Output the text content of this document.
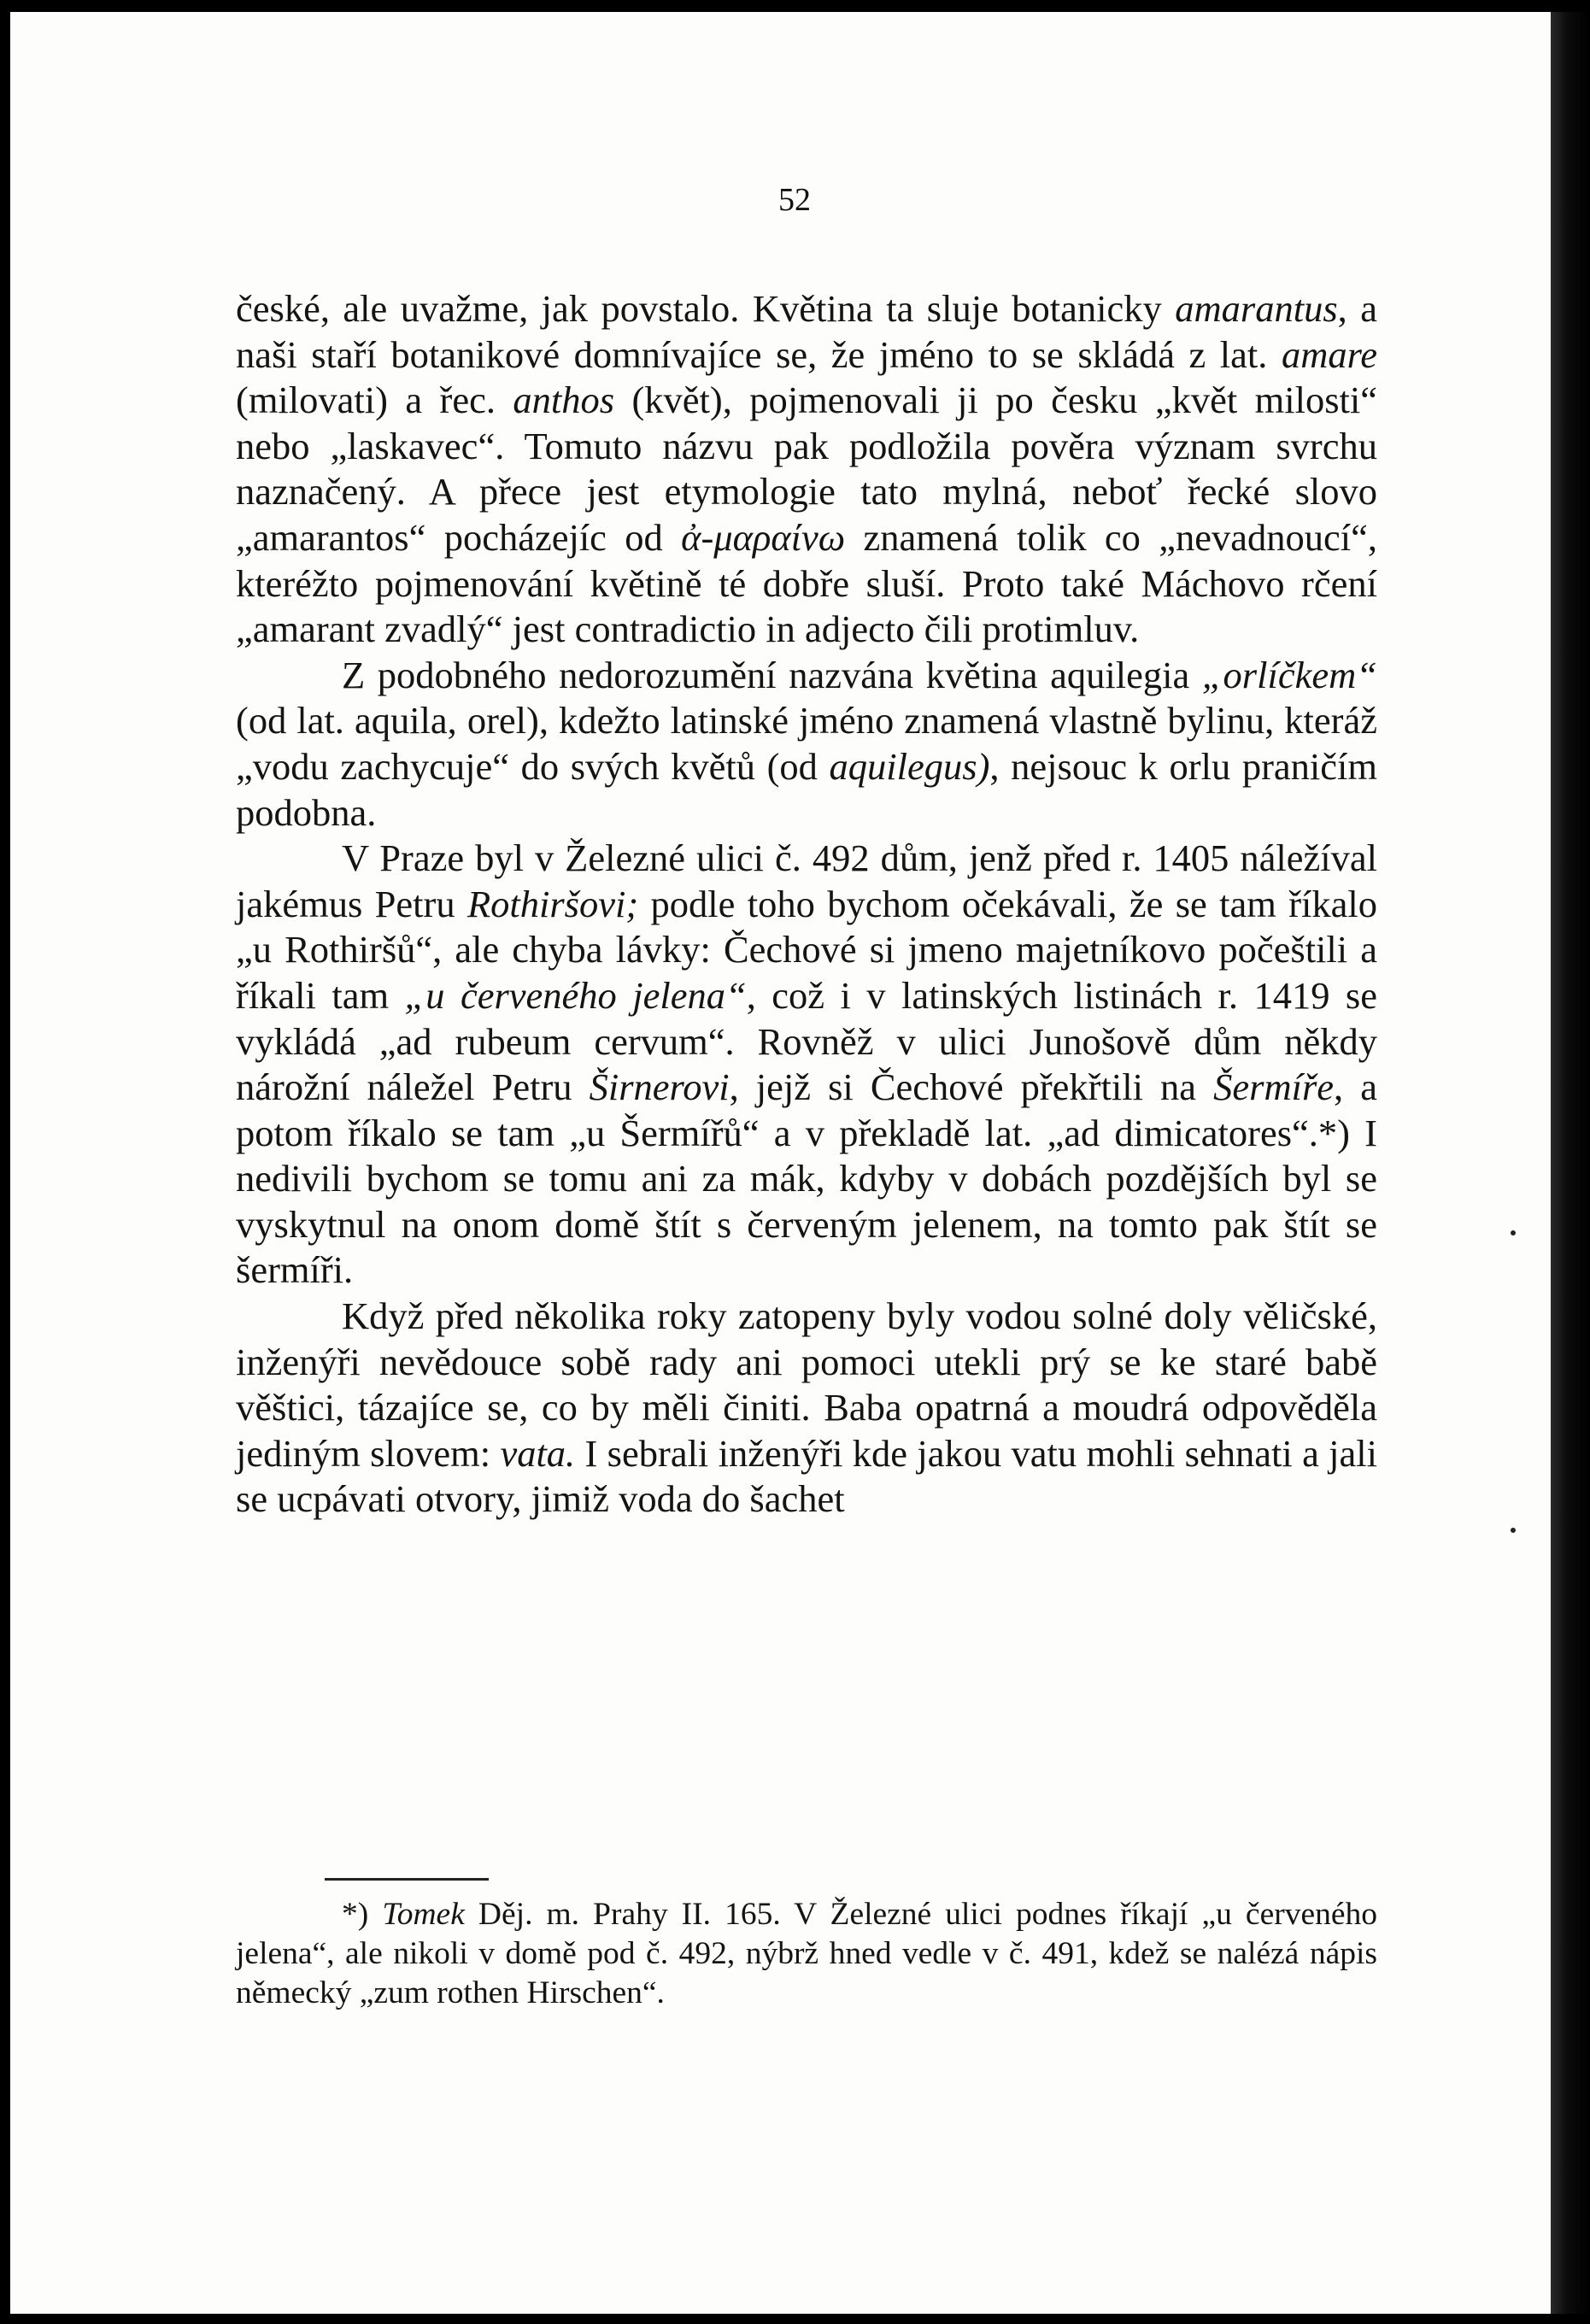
52

české, ale uvažme, jak povstalo. Květina ta sluje botanicky amarantus, a naši staří botanikové domnívajíce se, že jméno to se skládá z lat. amare (milovati) a řec. anthos (květ), pojmenovali ji po česku „květ milosti“ nebo „laskavec“. Tomuto názvu pak podložila pověra význam svrchu naznačený. A přece jest etymologie tato mylná, neboť řecké slovo „amarantos“ pocházejíc od ἀ-μαραίνω znamená tolik co „nevadnoucí“, kteréžto pojmenování květině té dobře sluší. Proto také Máchovo rčení „amarant zvadlý“ jest contradictio in adjecto čili protimluv.

Z podobného nedorozumění nazvána květina aquilegia „orlíčkem“ (od lat. aquila, orel), kdežto latinské jméno znamená vlastně bylinu, kteráž „vodu zachycuje“ do svých květů (od aquilegus), nejsouc k orlu praničím podobna.

V Praze byl v Železné ulici č. 492 dům, jenž před r. 1405 náležíval jakémus Petru Rothiršovi; podle toho bychom očekávali, že se tam říkalo „u Rothiršů“, ale chyba lávky: Čechové si jmeno majetníkovo počeštili a říkali tam „u červeného jelena“, což i v latinských listinách r. 1419 se vykládá „ad rubeum cervum“. Rovněž v ulici Junošově dům někdy nárožní náležel Petru Širnerovi, jejž si Čechové překřtili na Šermíře, a potom říkalo se tam „u Šermířů“ a v překladě lat. „ad dimicatores“.*) I nedivili bychom se tomu ani za mák, kdyby v dobách pozdějších byl se vyskytnul na onom domě štít s červeným jelenem, na tomto pak štít se šermíři.

Když před několika roky zatopeny byly vodou solné doly věličské, inženýři nevědouce sobě rady ani pomoci utekli prý se ke staré babě věštici, tázajíce se, co by měli činiti. Baba opatrná a moudrá odpověděla jediným slovem: vata. I sebrali inženýři kde jakou vatu mohli sehnati a jali se ucpávati otvory, jimiž voda do šachet

*) Tomek Děj. m. Prahy II. 165. V Železné ulici podnes říkají „u červeného jelena“, ale nikoli v domě pod č. 492, nýbrž hned vedle v č. 491, kdež se nalézá nápis německý „zum rothen Hirschen“.
